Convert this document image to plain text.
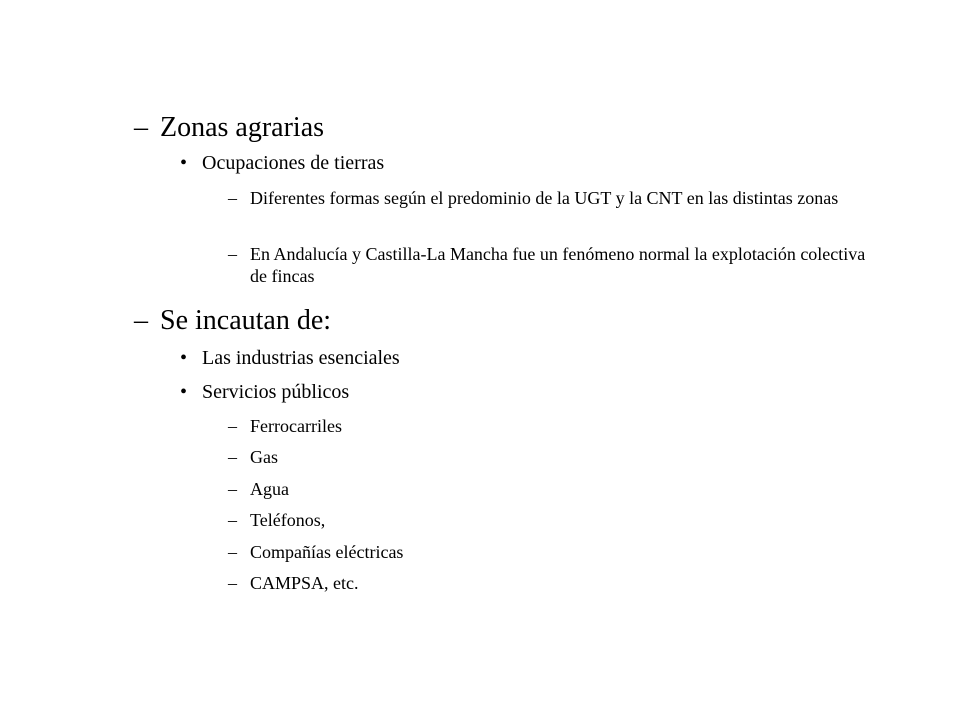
– Zonas agrarias
• Ocupaciones de tierras
– Diferentes formas según el predominio de la UGT y la CNT en las distintas zonas
– En Andalucía y Castilla-La Mancha fue un fenómeno normal la explotación colectiva de fincas
– Se incautan de:
• Las industrias esenciales
• Servicios públicos
– Ferrocarriles
– Gas
– Agua
– Teléfonos,
– Compañías eléctricas
– CAMPSA, etc.
